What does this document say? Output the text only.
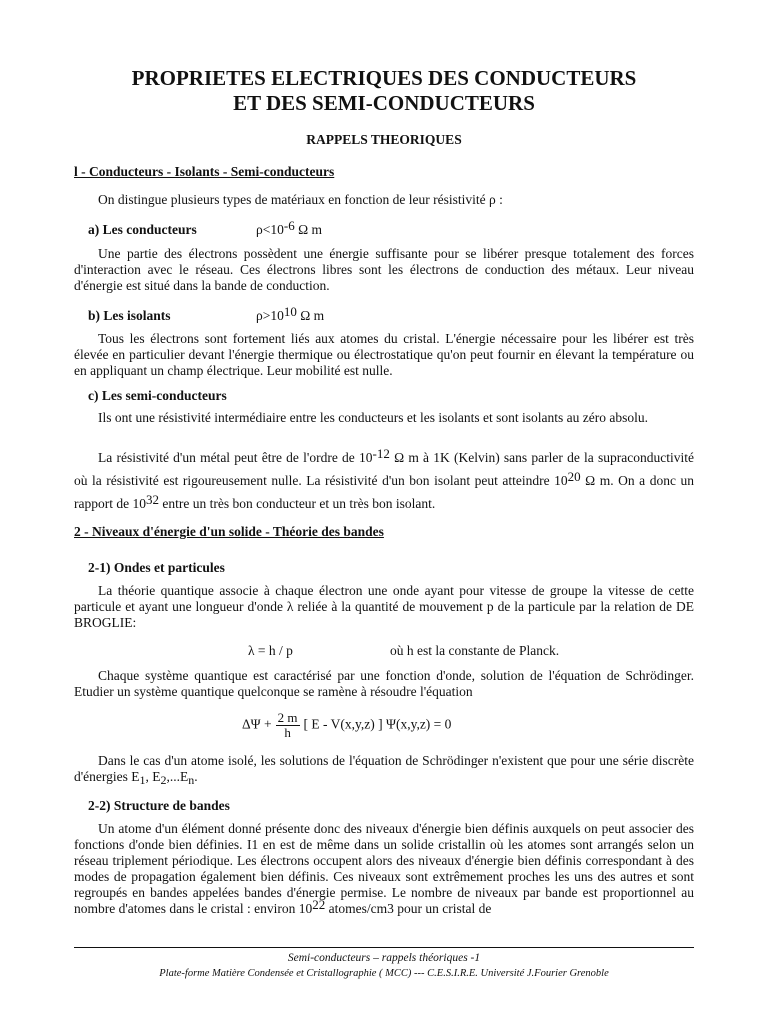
PROPRIETES ELECTRIQUES DES CONDUCTEURS
ET DES SEMI-CONDUCTEURS
RAPPELS THEORIQUES
l - Conducteurs - Isolants - Semi-conducteurs
On distingue plusieurs types de matériaux en fonction de leur résistivité ρ :
a) Les conducteurs	$\rho<10^{-6}$ Ω m
Une partie des électrons possèdent une énergie suffisante pour se libérer presque totalement des forces d'interaction avec le réseau. Ces électrons libres sont les électrons de conduction des métaux. Leur niveau d'énergie est situé dans la bande de conduction.
b) Les isolants	$\rho>10^{10}$ Ω m
Tous les électrons sont fortement liés aux atomes du cristal. L'énergie nécessaire pour les libérer est très élevée en particulier devant l'énergie thermique ou électrostatique qu'on peut fournir en élevant la température ou en appliquant un champ électrique. Leur mobilité est nulle.
c) Les semi-conducteurs
Ils ont une résistivité intermédiaire entre les conducteurs et les isolants et sont isolants au zéro absolu.
La résistivité d'un métal peut être de l'ordre de $10^{-12}$ Ω m à 1K (Kelvin) sans parler de la supraconductivité où la résistivité est rigoureusement nulle. La résistivité d'un bon isolant peut atteindre $10^{20}$ Ω m. On a donc un rapport de $10^{32}$ entre un très bon conducteur et un très bon isolant.
2 - Niveaux d'énergie d'un solide - Théorie des bandes
2-1) Ondes et particules
La théorie quantique associe à chaque électron une onde ayant pour vitesse de groupe la vitesse de cette particule et ayant une longueur d'onde λ reliée à la quantité de mouvement p de la particule par la relation de DE BROGLIE:
λ = h / p	où h est la constante de Planck.
Chaque système quantique est caractérisé par une fonction d'onde, solution de l'équation de Schrödinger. Etudier un système quantique quelconque se ramène à résoudre l'équation
$\Delta\Psi + \frac{2 m}{h}$ [ E - V(x,y,z) ] Ψ(x,y,z) = 0
Dans le cas d'un atome isolé, les solutions de l'équation de Schrödinger n'existent que pour une série discrète d'énergies $E_1$, $E_2,...E_n$.
2-2) Structure de bandes
Un atome d'un élément donné présente donc des niveaux d'énergie bien définis auxquels on peut associer des fonctions d'onde bien définies. I1 en est de même dans un solide cristallin où les atomes sont arrangés selon un réseau triplement périodique. Les électrons occupent alors des niveaux d'énergie bien définis correspondant à des modes de propagation également bien définis. Ces niveaux sont extrêmement proches les uns des autres et sont regroupés en bandes appelées bandes d'énergie permise. Le nombre de niveaux par bande est proportionnel au nombre d'atomes dans le cristal : environ $10^{22}$ atomes/cm3 pour un cristal de
Semi-conducteurs – rappels théoriques -1
Plate-forme Matière Condensée et Cristallographie ( MCC) --- C.E.S.I.R.E. Université J.Fourier Grenoble
